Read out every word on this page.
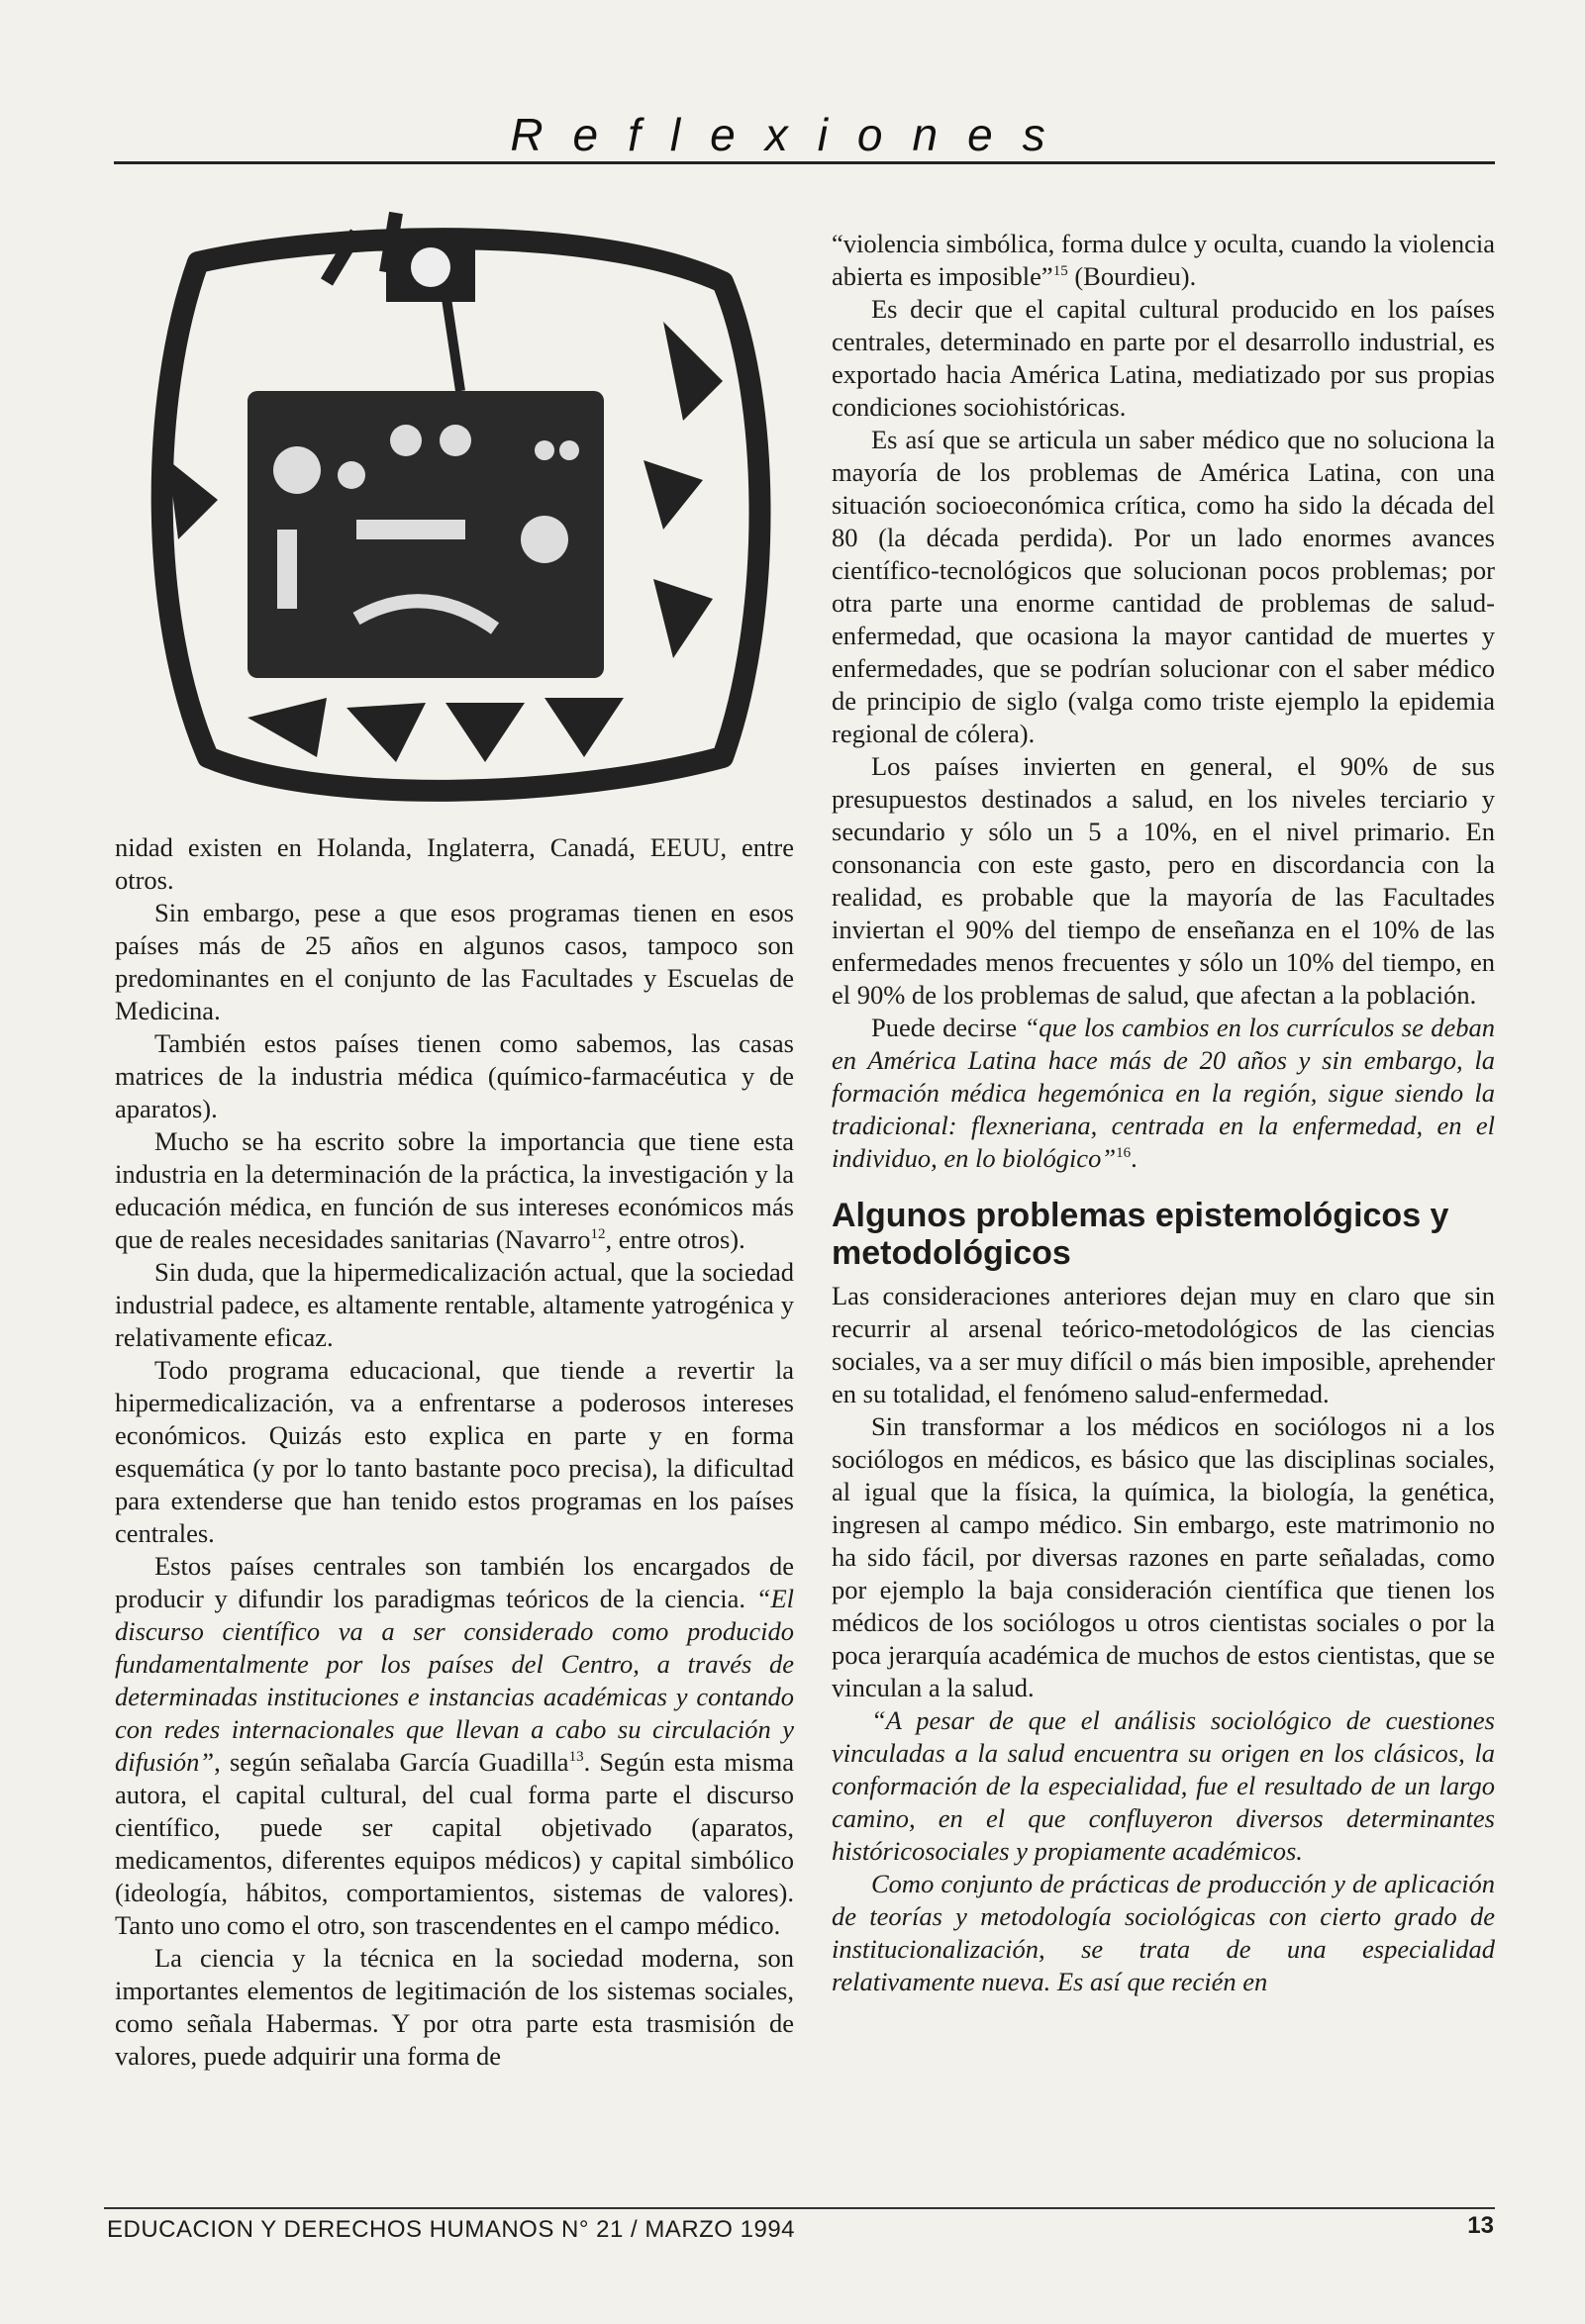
Reflexiones

nidad existen en Holanda, Inglaterra, Canadá, EEUU, entre otros.

Sin embargo, pese a que esos programas tienen en esos países más de 25 años en algunos casos, tampoco son predominantes en el conjunto de las Facultades y Escuelas de Medicina.

También estos países tienen como sabemos, las casas matrices de la industria médica (químico-farmacéutica y de aparatos).

Mucho se ha escrito sobre la importancia que tiene esta industria en la determinación de la práctica, la investigación y la educación médica, en función de sus intereses económicos más que de reales necesidades sanitarias (Navarro$^{12}$, entre otros).

Sin duda, que la hipermedicalización actual, que la sociedad industrial padece, es altamente rentable, altamente yatrogénica y relativamente eficaz.

Todo programa educacional, que tiende a revertir la hipermedicalización, va a enfrentarse a poderosos intereses económicos. Quizás esto explica en parte y en forma esquemática (y por lo tanto bastante poco precisa), la dificultad para extenderse que han tenido estos programas en los países centrales.

Estos países centrales son también los encargados de producir y difundir los paradigmas teóricos de la ciencia. “El discurso científico va a ser considerado como producido fundamentalmente por los países del Centro, a través de determinadas instituciones e instancias académicas y contando con redes internacionales que llevan a cabo su circulación y difusión”, según señalaba García Guadilla$^{13}$. Según esta misma autora, el capital cultural, del cual forma parte el discurso científico, puede ser capital objetivado (aparatos, medicamentos, diferentes equipos médicos) y capital simbólico (ideología, hábitos, comportamientos, sistemas de valores). Tanto uno como el otro, son trascendentes en el campo médico.

La ciencia y la técnica en la sociedad moderna, son importantes elementos de legitimación de los sistemas sociales, como señala Habermas. Y por otra parte esta trasmisión de valores, puede adquirir una forma de

“violencia simbólica, forma dulce y oculta, cuando la violencia abierta es imposible”$^{15}$ (Bourdieu).

Es decir que el capital cultural producido en los países centrales, determinado en parte por el desarrollo industrial, es exportado hacia América Latina, mediatizado por sus propias condiciones sociohistóricas.

Es así que se articula un saber médico que no soluciona la mayoría de los problemas de América Latina, con una situación socioeconómica crítica, como ha sido la década del 80 (la década perdida). Por un lado enormes avances científico-tecnológicos que solucionan pocos problemas; por otra parte una enorme cantidad de problemas de salud-enfermedad, que ocasiona la mayor cantidad de muertes y enfermedades, que se podrían solucionar con el saber médico de principio de siglo (valga como triste ejemplo la epidemia regional de cólera).

Los países invierten en general, el 90% de sus presupuestos destinados a salud, en los niveles terciario y secundario y sólo un 5 a 10%, en el nivel primario. En consonancia con este gasto, pero en discordancia con la realidad, es probable que la mayoría de las Facultades inviertan el 90% del tiempo de enseñanza en el 10% de las enfermedades menos frecuentes y sólo un 10% del tiempo, en el 90% de los problemas de salud, que afectan a la población.

Puede decirse “que los cambios en los currículos se deban en América Latina hace más de 20 años y sin embargo, la formación médica hegemónica en la región, sigue siendo la tradicional: flexneriana, centrada en la enfermedad, en el individuo, en lo biológico”$^{16}$.

Algunos problemas epistemológicos y metodológicos

Las consideraciones anteriores dejan muy en claro que sin recurrir al arsenal teórico-metodológicos de las ciencias sociales, va a ser muy difícil o más bien imposible, aprehender en su totalidad, el fenómeno salud-enfermedad.

Sin transformar a los médicos en sociólogos ni a los sociólogos en médicos, es básico que las disciplinas sociales, al igual que la física, la química, la biología, la genética, ingresen al campo médico. Sin embargo, este matrimonio no ha sido fácil, por diversas razones en parte señaladas, como por ejemplo la baja consideración científica que tienen los médicos de los sociólogos u otros cientistas sociales o por la poca jerarquía académica de muchos de estos cientistas, que se vinculan a la salud.

“A pesar de que el análisis sociológico de cuestiones vinculadas a la salud encuentra su origen en los clásicos, la conformación de la especialidad, fue el resultado de un largo camino, en el que confluyeron diversos determinantes históricosociales y propiamente académicos.

Como conjunto de prácticas de producción y de aplicación de teorías y metodología sociológicas con cierto grado de institucionalización, se trata de una especialidad relativamente nueva. Es así que recién en

EDUCACION Y DERECHOS HUMANOS N° 21 / MARZO 1994	13
